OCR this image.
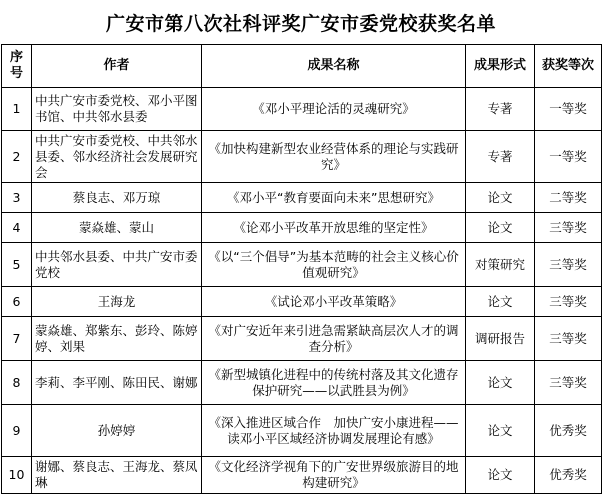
广安市第八次社科评奖广安市委党校获奖名单
序号	作者	成果名称	成果形式	获奖等次
1	中共广安市委党校、邓小平图书馆、中共邻水县委	《邓小平理论活的灵魂研究》	专著	一等奖
2	中共广安市委党校、中共邻水县委、邻水经济社会发展研究会	《加快构建新型农业经营体系的理论与实践研究》	专著	一等奖
3	蔡良志、邓万琼	《邓小平“教育要面向未来”思想研究》	论文	二等奖
4	蒙焱雄、蒙山	《论邓小平改革开放思维的坚定性》	论文	三等奖
5	中共邻水县委、中共广安市委党校	《以“三个倡导”为基本范畴的社会主义核心价值观研究》	对策研究	三等奖
6	王海龙	《试论邓小平改革策略》	论文	三等奖
7	蒙焱雄、郑紫东、彭玲、陈婷婷、刘果	《对广安近年来引进急需紧缺高层次人才的调查分析》	调研报告	三等奖
8	李莉、李平刚、陈田民、谢娜	《新型城镇化进程中的传统村落及其文化遗存保护研究——以武胜县为例》	论文	三等奖
9	孙婷婷	《深入推进区域合作　加快广安小康进程——读邓小平区域经济协调发展理论有感》	论文	优秀奖
10	谢娜、蔡良志、王海龙、蔡凤琳	《文化经济学视角下的广安世界级旅游目的地构建研究》	论文	优秀奖
